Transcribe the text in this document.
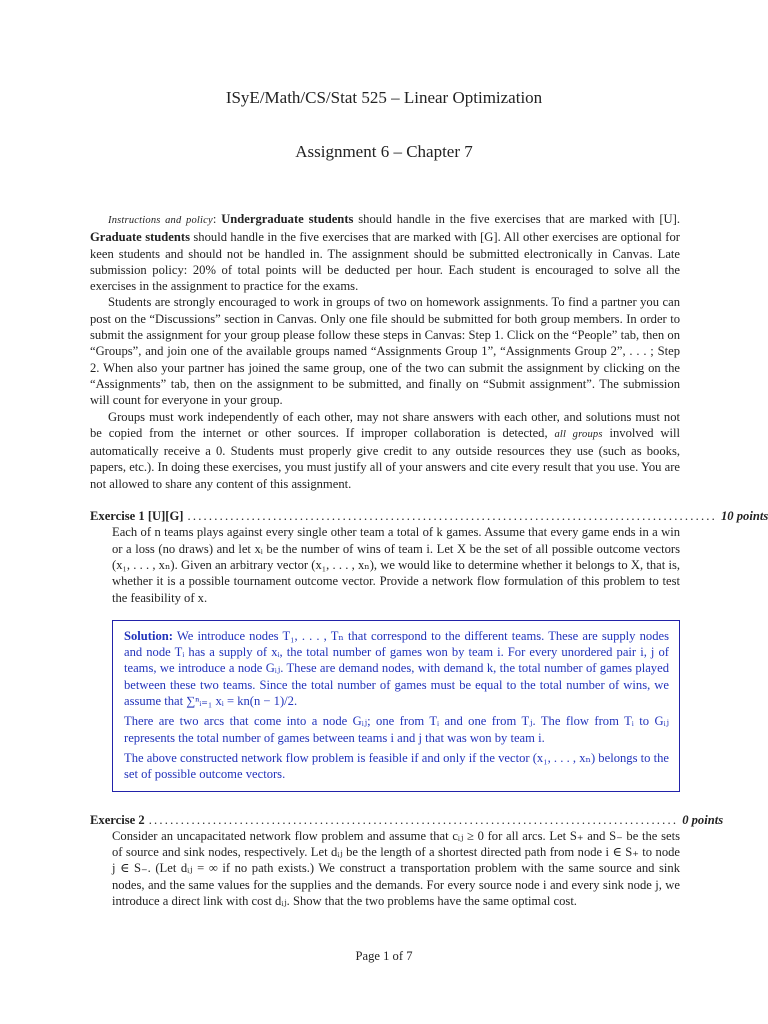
ISyE/Math/CS/Stat 525 – Linear Optimization
Assignment 6 – Chapter 7

Instructions and policy: Undergraduate students should handle in the five exercises that are marked with [U]. Graduate students should handle in the five exercises that are marked with [G]. All other exercises are optional for keen students and should not be handled in. The assignment should be submitted electronically in Canvas. Late submission policy: 20% of total points will be deducted per hour. Each student is encouraged to solve all the exercises in the assignment to practice for the exams.

Students are strongly encouraged to work in groups of two on homework assignments. To find a partner you can post on the “Discussions” section in Canvas. Only one file should be submitted for both group members. In order to submit the assignment for your group please follow these steps in Canvas: Step 1. Click on the “People” tab, then on “Groups”, and join one of the available groups named “Assignments Group 1”, “Assignments Group 2”, . . . ; Step 2. When also your partner has joined the same group, one of the two can submit the assignment by clicking on the “Assignments” tab, then on the assignment to be submitted, and finally on “Submit assignment”. The submission will count for everyone in your group.

Groups must work independently of each other, may not share answers with each other, and solutions must not be copied from the internet or other sources. If improper collaboration is detected, all groups involved will automatically receive a 0. Students must properly give credit to any outside resources they use (such as books, papers, etc.). In doing these exercises, you must justify all of your answers and cite every result that you use. You are not allowed to share any content of this assignment.

Exercise 1 [U][G] ................................................................................................... 10 points

Each of n teams plays against every single other team a total of k games. Assume that every game ends in a win or a loss (no draws) and let xᵢ be the number of wins of team i. Let X be the set of all possible outcome vectors (x₁, . . . , xₙ). Given an arbitrary vector (x₁, . . . , xₙ), we would like to determine whether it belongs to X, that is, whether it is a possible tournament outcome vector. Provide a network flow formulation of this problem to test the feasibility of x.

Solution: We introduce nodes T₁, . . . , Tₙ that correspond to the different teams. These are supply nodes and node Tᵢ has a supply of xᵢ, the total number of games won by team i. For every unordered pair i, j of teams, we introduce a node Gᵢⱼ. These are demand nodes, with demand k, the total number of games played between these two teams. Since the total number of games must be equal to the total number of wins, we assume that ∑ⁿᵢ₌₁ xᵢ = kn(n − 1)/2.

There are two arcs that come into a node Gᵢⱼ; one from Tᵢ and one from Tⱼ. The flow from Tᵢ to Gᵢⱼ represents the total number of games between teams i and j that was won by team i.

The above constructed network flow problem is feasible if and only if the vector (x₁, . . . , xₙ) belongs to the set of possible outcome vectors.

Exercise 2 ................................................................................................... 0 points

Consider an uncapacitated network flow problem and assume that cᵢⱼ ≥ 0 for all arcs. Let S₊ and S₋ be the sets of source and sink nodes, respectively. Let dᵢⱼ be the length of a shortest directed path from node i ∈ S₊ to node j ∈ S₋. (Let dᵢⱼ = ∞ if no path exists.) We construct a transportation problem with the same source and sink nodes, and the same values for the supplies and the demands. For every source node i and every sink node j, we introduce a direct link with cost dᵢⱼ. Show that the two problems have the same optimal cost.

Page 1 of 7
